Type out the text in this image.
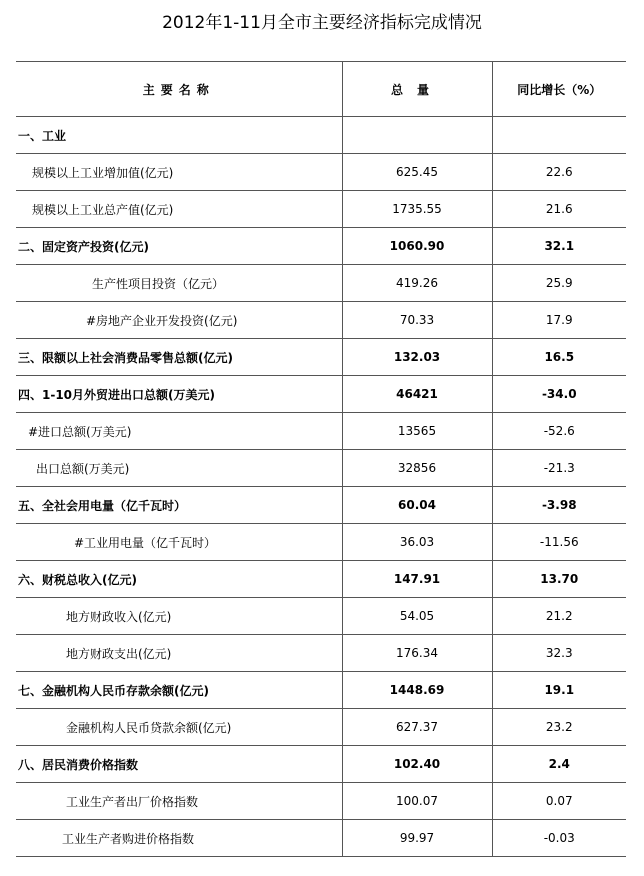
2012年1-11月全市主要经济指标完成情况
主要名称	总量	同比增长（%）
一、工业		
规模以上工业增加值(亿元)	625.45	22.6
规模以上工业总产值(亿元)	1735.55	21.6
二、固定资产投资(亿元)	1060.90	32.1
生产性项目投资（亿元）	419.26	25.9
#房地产企业开发投资(亿元)	70.33	17.9
三、限额以上社会消费品零售总额(亿元)	132.03	16.5
四、1-10月外贸进出口总额(万美元)	46421	-34.0
#进口总额(万美元)	13565	-52.6
出口总额(万美元)	32856	-21.3
五、全社会用电量（亿千瓦时）	60.04	-3.98
#工业用电量（亿千瓦时）	36.03	-11.56
六、财税总收入(亿元)	147.91	13.70
地方财政收入(亿元)	54.05	21.2
地方财政支出(亿元)	176.34	32.3
七、金融机构人民币存款余额(亿元)	1448.69	19.1
金融机构人民币贷款余额(亿元)	627.37	23.2
八、居民消费价格指数	102.40	2.4
工业生产者出厂价格指数	100.07	0.07
工业生产者购进价格指数	99.97	-0.03
